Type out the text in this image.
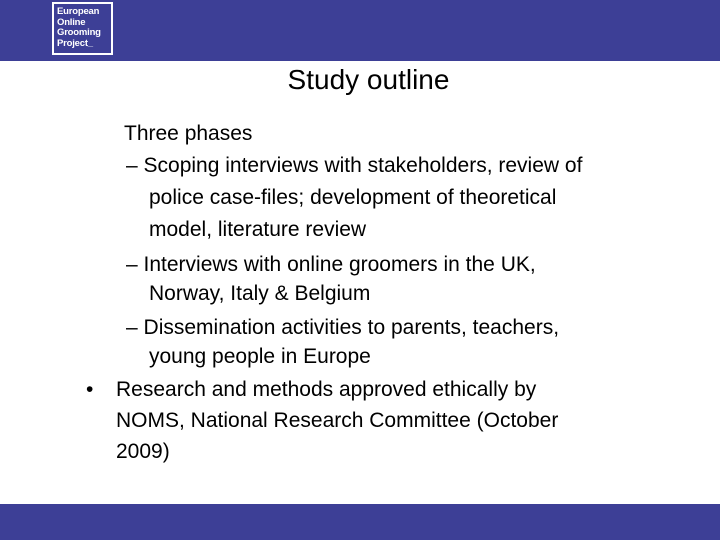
European
Online
Grooming
Project_
Study outline
Three phases
– Scoping interviews with stakeholders, review of
police case-files; development of theoretical
model, literature review
– Interviews with online groomers in the UK,
Norway, Italy & Belgium
– Dissemination activities to parents, teachers,
young people in Europe
• Research and methods approved ethically by
NOMS, National Research Committee (October
2009)
